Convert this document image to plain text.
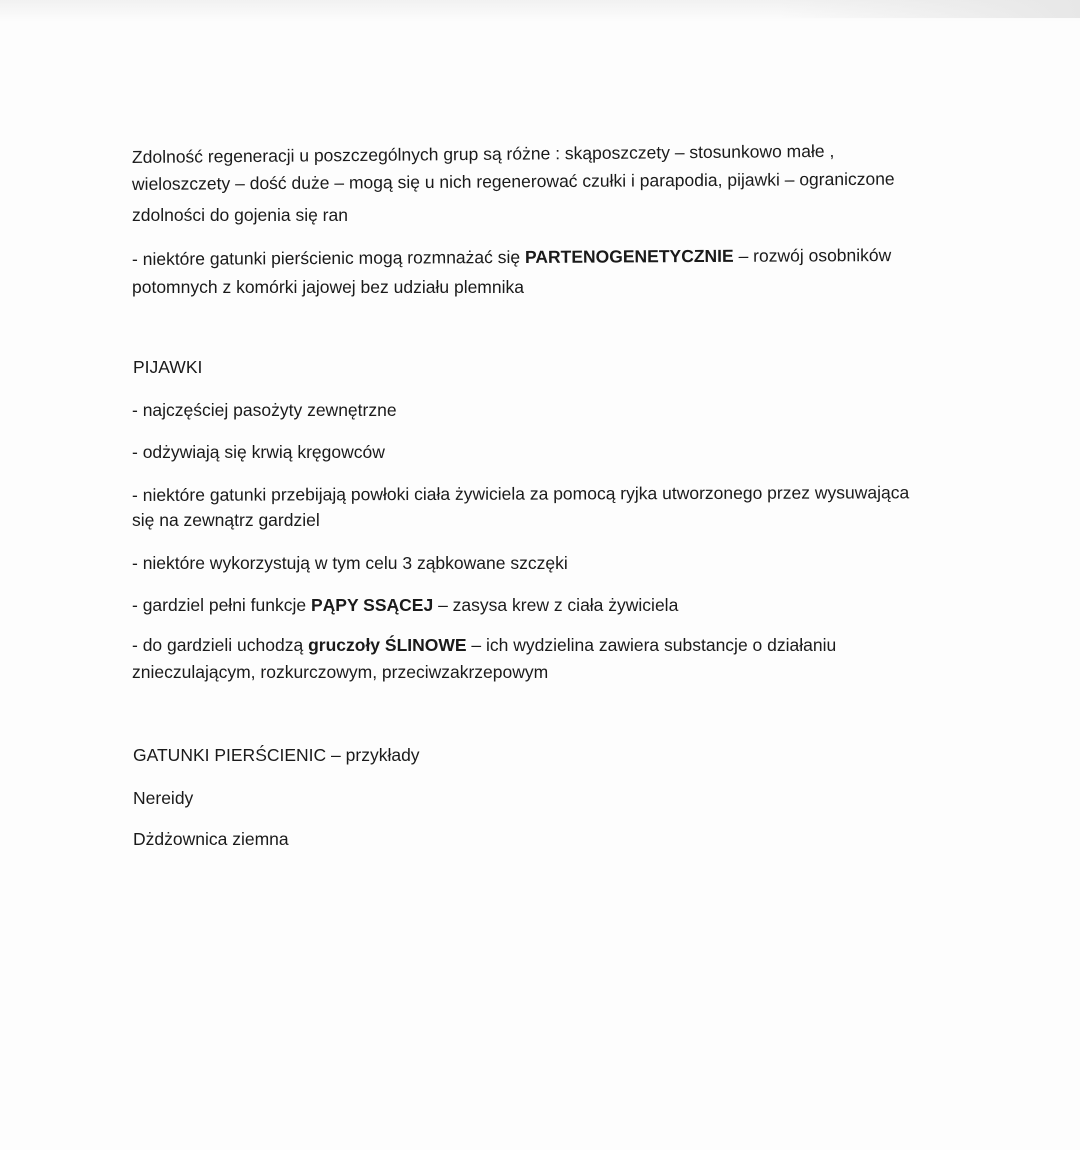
Zdolność regeneracji u poszczególnych grup są różne : skąposzczety – stosunkowo małe ,
wieloszczety – dość duże – mogą się u nich regenerować czułki i parapodia, pijawki – ograniczone
zdolności do gojenia się ran
- niektóre gatunki pierścienic mogą rozmnażać się PARTENOGENETYCZNIE – rozwój osobników
potomnych z komórki jajowej bez udziału plemnika
PIJAWKI
- najczęściej pasożyty zewnętrzne
- odżywiają się krwią kręgowców
- niektóre gatunki przebijają powłoki ciała żywiciela za pomocą ryjka utworzonego przez wysuwająca
się na zewnątrz gardziel
- niektóre wykorzystują w tym celu 3 ząbkowane szczęki
- gardziel pełni funkcje PĄPY SSĄCEJ – zasysa krew z ciała żywiciela
- do gardzieli uchodzą gruczoły ŚLINOWE – ich wydzielina zawiera substancje o działaniu
znieczulającym, rozkurczowym, przeciwzakrzepowym
GATUNKI PIERŚCIENIC – przykłady
Nereidy
Dżdżownica ziemna
